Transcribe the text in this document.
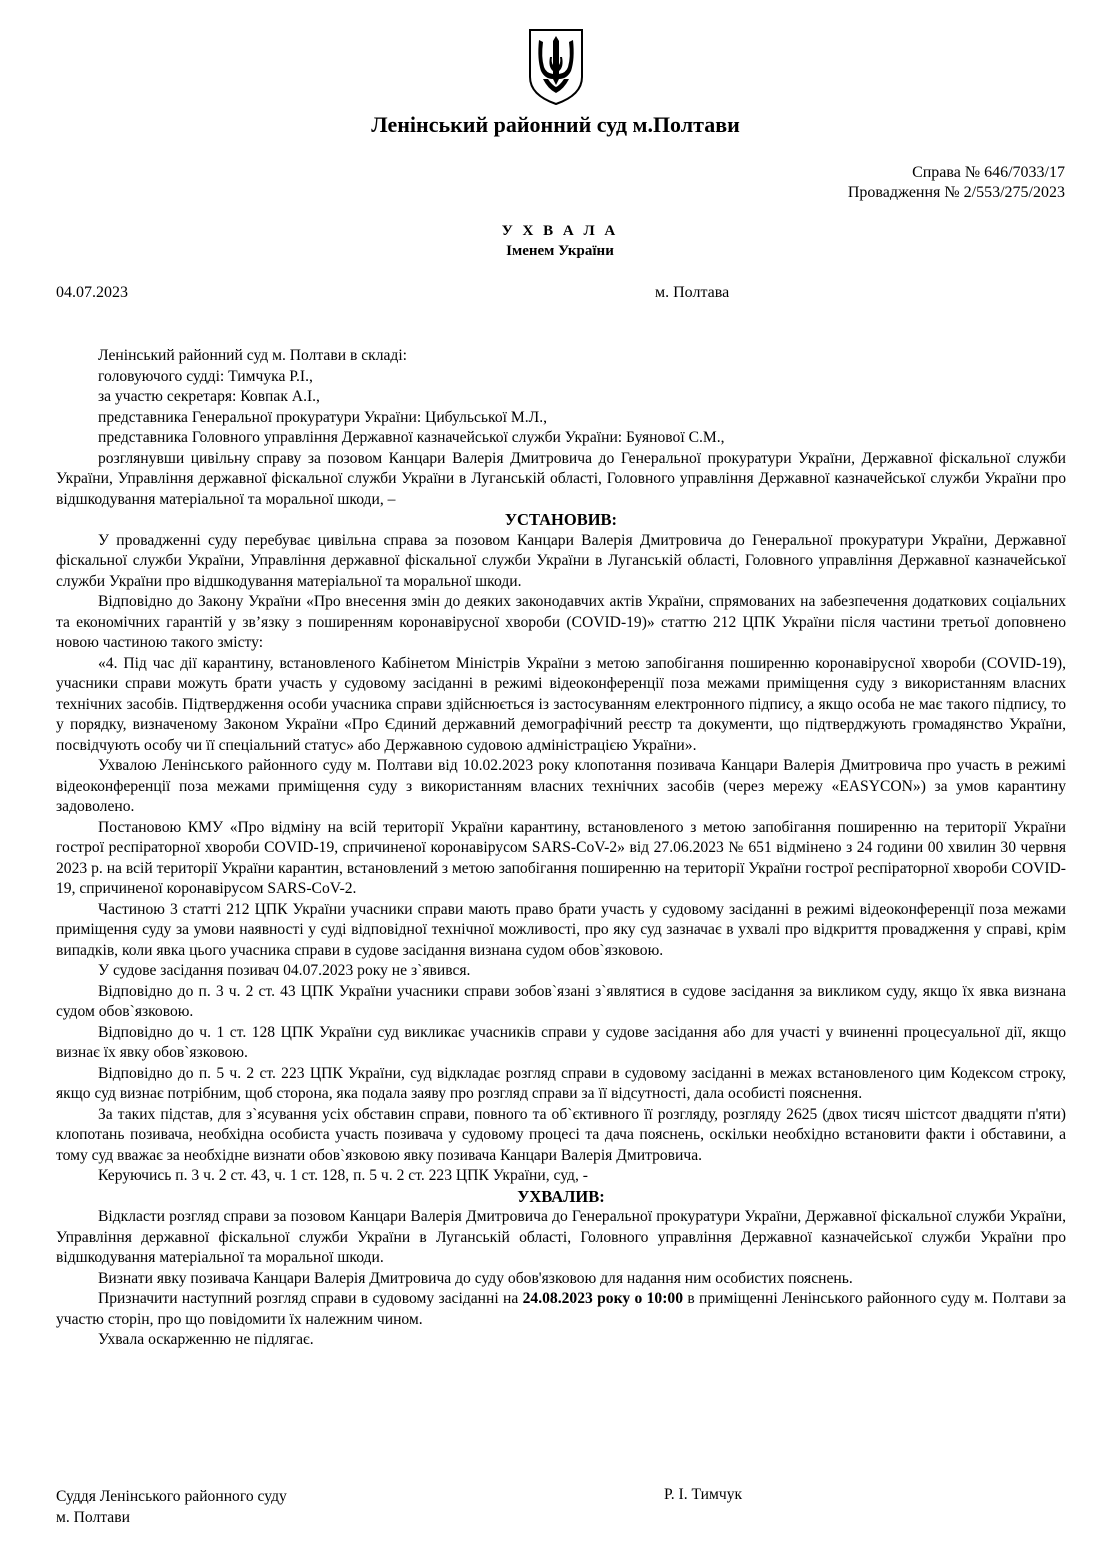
Ленінський районний суд м.Полтави
Справа № 646/7033/17
Провадження № 2/553/275/2023
У Х В А Л А
Іменем України
04.07.2023	м. Полтава

Ленінський районний суд м. Полтави в складі:

головуючого судді: Тимчука Р.І.,

за участю секретаря: Ковпак А.І.,

представника Генеральної прокуратури України: Цибульської М.Л.,

представника Головного управління Державної казначейської служби України: Буянової С.М.,

розглянувши цивільну справу за позовом Канцари Валерія Дмитровича до Генеральної прокуратури України, Державної фіскальної служби України, Управління державної фіскальної служби України в Луганській області, Головного управління Державної казначейської служби України про відшкодування матеріальної та моральної шкоди, –

УСТАНОВИВ:

У провадженні суду перебуває цивільна справа за позовом Канцари Валерія Дмитровича до Генеральної прокуратури України, Державної фіскальної служби України, Управління державної фіскальної служби України в Луганській області, Головного управління Державної казначейської служби України про відшкодування матеріальної та моральної шкоди.

Відповідно до Закону України «Про внесення змін до деяких законодавчих актів України, спрямованих на забезпечення додаткових соціальних та економічних гарантій у зв’язку з поширенням коронавірусної хвороби (COVID-19)» статтю 212 ЦПК України після частини третьої доповнено новою частиною такого змісту:

«4. Під час дії карантину, встановленого Кабінетом Міністрів України з метою запобігання поширенню коронавірусної хвороби (COVID-19), учасники справи можуть брати участь у судовому засіданні в режимі відеоконференції поза межами приміщення суду з використанням власних технічних засобів. Підтвердження особи учасника справи здійснюється із застосуванням електронного підпису, а якщо особа не має такого підпису, то у порядку, визначеному Законом України «Про Єдиний державний демографічний реєстр та документи, що підтверджують громадянство України, посвідчують особу чи її спеціальний статус» або Державною судовою адміністрацією України».

Ухвалою Ленінського районного суду м. Полтави від 10.02.2023 року клопотання позивача Канцари Валерія Дмитровича про участь в режимі відеоконференції поза межами приміщення суду з використанням власних технічних засобів (через мережу «EASYCON») за умов карантину задоволено.

Постановою КМУ «Про відміну на всій території України карантину, встановленого з метою запобігання поширенню на території України гострої респіраторної хвороби COVID-19, спричиненої коронавірусом SARS-CoV-2» від 27.06.2023 № 651 відмінено з 24 години 00 хвилин 30 червня 2023 р. на всій території України карантин, встановлений з метою запобігання поширенню на території України гострої респіраторної хвороби COVID-19, спричиненої коронавірусом SARS-CoV-2.

Частиною 3 статті 212 ЦПК України учасники справи мають право брати участь у судовому засіданні в режимі відеоконференції поза межами приміщення суду за умови наявності у суді відповідної технічної можливості, про яку суд зазначає в ухвалі про відкриття провадження у справі, крім випадків, коли явка цього учасника справи в судове засідання визнана судом обов`язковою.

У судове засідання позивач 04.07.2023 року не з`явився.

Відповідно до п. 3 ч. 2 ст. 43 ЦПК України учасники справи зобов`язані з`являтися в судове засідання за викликом суду, якщо їх явка визнана судом обов`язковою.

Відповідно до ч. 1 ст. 128 ЦПК України суд викликає учасників справи у судове засідання або для участі у вчиненні процесуальної дії, якщо визнає їх явку обов`язковою.

Відповідно до п. 5 ч. 2 ст. 223 ЦПК України, суд відкладає розгляд справи в судовому засіданні в межах встановленого цим Кодексом строку, якщо суд визнає потрібним, щоб сторона, яка подала заяву про розгляд справи за її відсутності, дала особисті пояснення.

За таких підстав, для з`ясування усіх обставин справи, повного та об`єктивного її розгляду, розгляду 2625 (двох тисяч шістсот двадцяти п'яти) клопотань позивача, необхідна особиста участь позивача у судовому процесі та дача пояснень, оскільки необхідно встановити факти і обставини, а тому суд вважає за необхідне визнати обов`язковою явку позивача Канцари Валерія Дмитровича.

Керуючись п. 3 ч. 2 ст. 43, ч. 1 ст. 128, п. 5 ч. 2 ст. 223 ЦПК України, суд, -

УХВАЛИВ:

Відкласти розгляд справи за позовом Канцари Валерія Дмитровича до Генеральної прокуратури України, Державної фіскальної служби України, Управління державної фіскальної служби України в Луганській області, Головного управління Державної казначейської служби України про відшкодування матеріальної та моральної шкоди.

Визнати явку позивача Канцари Валерія Дмитровича до суду обов'язковою для надання ним особистих пояснень.

Призначити наступний розгляд справи в судовому засіданні на 24.08.2023 року о 10:00 в приміщенні Ленінського районного суду м. Полтави за участю сторін, про що повідомити їх належним чином.

Ухвала оскарженню не підлягає.

Суддя Ленінського районного суду
м. Полтави
Р. І. Тимчук
